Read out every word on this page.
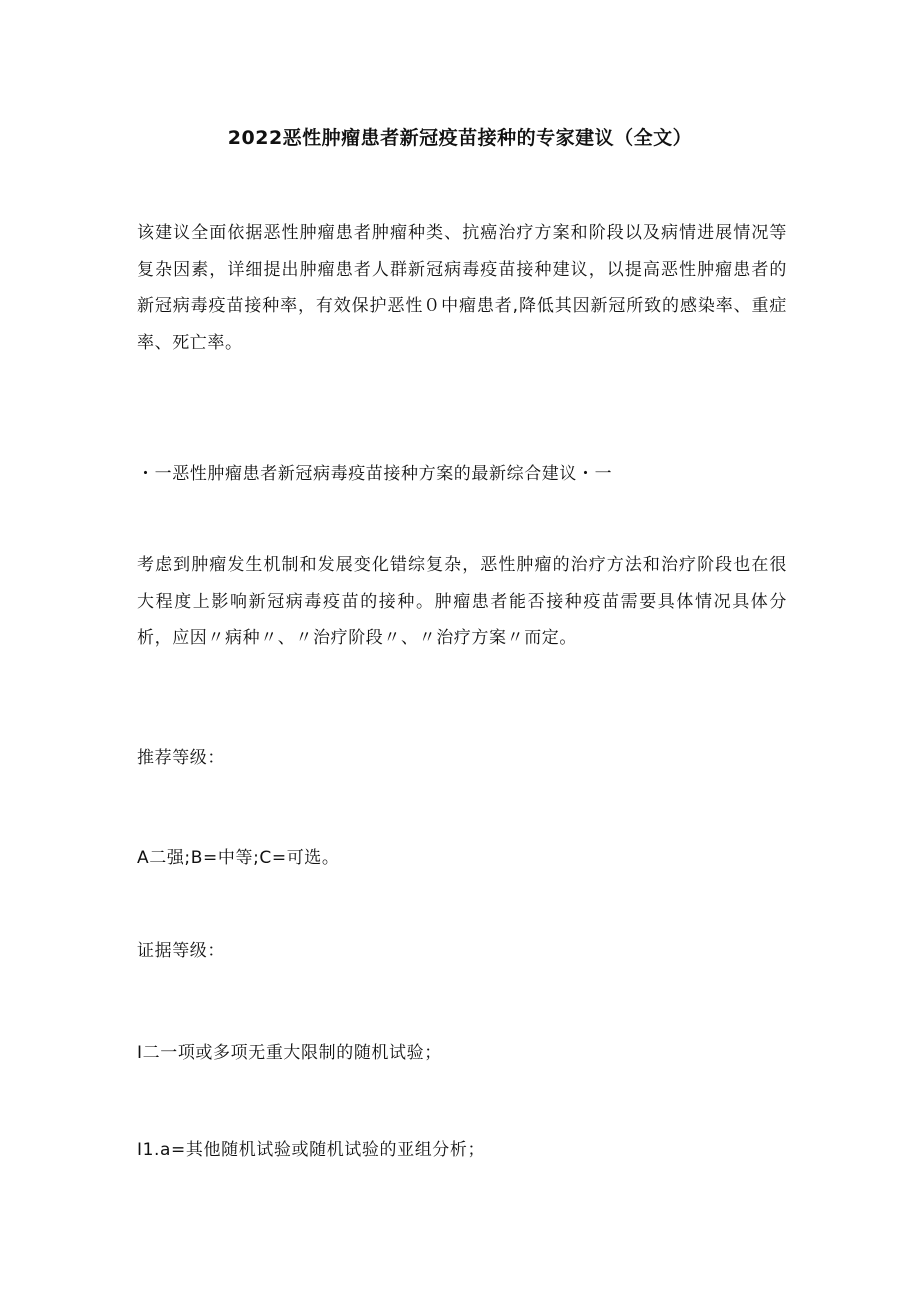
2022恶性肿瘤患者新冠疫苗接种的专家建议（全文）
该建议全面依据恶性肿瘤患者肿瘤种类、抗癌治疗方案和阶段以及病情进展情况等复杂因素，详细提出肿瘤患者人群新冠病毒疫苗接种建议，以提高恶性肿瘤患者的新冠病毒疫苗接种率，有效保护恶性０中瘤患者,降低其因新冠所致的感染率、重症率、死亡率。
・一恶性肿瘤患者新冠病毒疫苗接种方案的最新综合建议・一
考虑到肿瘤发生机制和发展变化错综复杂，恶性肿瘤的治疗方法和治疗阶段也在很大程度上影响新冠病毒疫苗的接种。肿瘤患者能否接种疫苗需要具体情况具体分析，应因〃病种〃、〃治疗阶段〃、〃治疗方案〃而定。
推荐等级：
A二强;B=中等;C=可选。
证据等级：
I二一项或多项无重大限制的随机试验；
I1.a=其他随机试验或随机试验的亚组分析；
